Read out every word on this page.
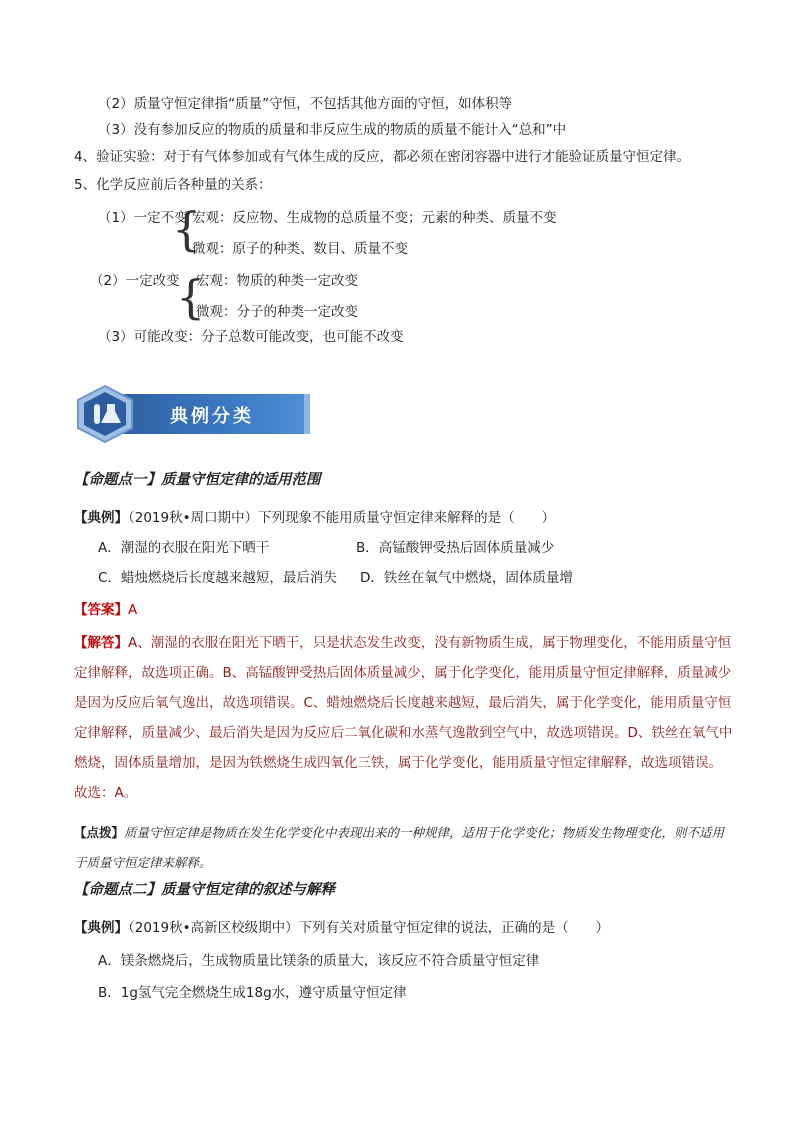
（2）质量守恒定律指“质量”守恒，不包括其他方面的守恒，如体积等
（3）没有参加反应的物质的质量和非反应生成的物质的质量不能计入“总和”中
4、验证实验：对于有气体参加或有气体生成的反应，都必须在密闭容器中进行才能验证质量守恒定律。
5、化学反应前后各种量的关系：
（1）一定不变
{
宏观：反应物、生成物的总质量不变；元素的种类、质量不变
微观：原子的种类、数目、质量不变
（2）一定改变
{
宏观：物质的种类一定改变
微观：分子的种类一定改变
（3）可能改变：分子总数可能改变，也可能不改变
典例分类
【命题点一】质量守恒定律的适用范围
【典例】（2019秋•周口期中）下列现象不能用质量守恒定律来解释的是（　　）
A．潮湿的衣服在阳光下晒干	B．高锰酸钾受热后固体质量减少
C．蜡烛燃烧后长度越来越短，最后消失 D．铁丝在氧气中燃烧，固体质量增
【答案】A
【解答】A、潮湿的衣服在阳光下晒干，只是状态发生改变，没有新物质生成，属于物理变化，不能用质量守恒定律解释，故选项正确。B、高锰酸钾受热后固体质量减少，属于化学变化，能用质量守恒定律解释，质量减少是因为反应后氧气逸出，故选项错误。C、蜡烛燃烧后长度越来越短，最后消失，属于化学变化，能用质量守恒定律解释，质量减少、最后消失是因为反应后二氧化碳和水蒸气逸散到空气中，故选项错误。D、铁丝在氧气中燃烧，固体质量增加，是因为铁燃烧生成四氧化三铁，属于化学变化，能用质量守恒定律解释，故选项错误。故选：A。
【点拨】质量守恒定律是物质在发生化学变化中表现出来的一种规律，适用于化学变化；物质发生物理变化，则不适用于质量守恒定律来解释。
【命题点二】质量守恒定律的叙述与解释
【典例】（2019秋•高新区校级期中）下列有关对质量守恒定律的说法，正确的是（　　）
A．镁条燃烧后，生成物质量比镁条的质量大，该反应不符合质量守恒定律
B．1g氢气完全燃烧生成18g水，遵守质量守恒定律
